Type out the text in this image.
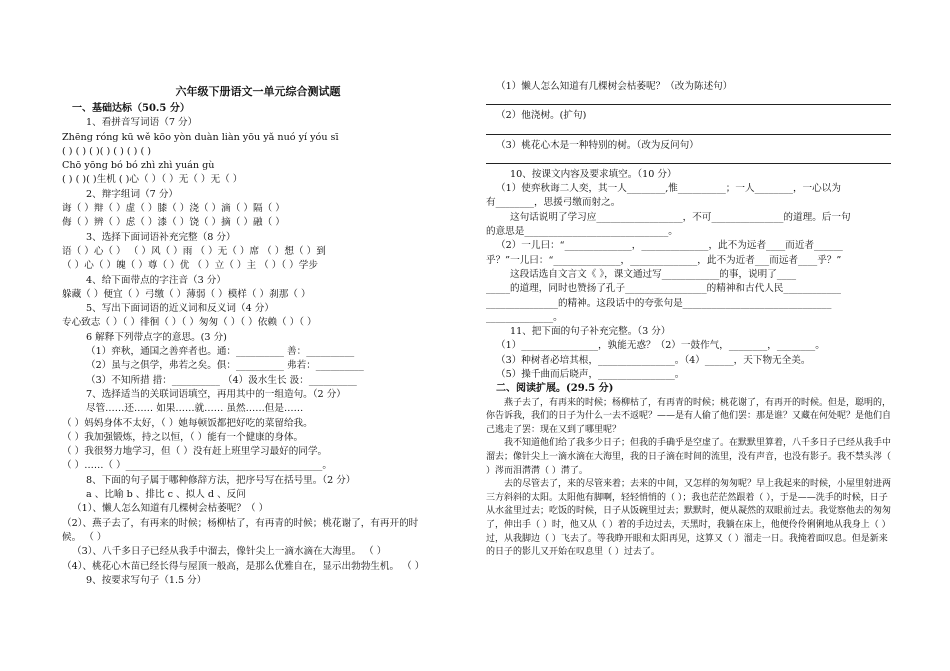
六年级下册语文一单元综合测试题
一、基础达标（50.5 分）
1、看拼音写词语（7 分）
Zhēng róng kū wě kōo yòn duàn liàn yōu yǎ nuó yí yóu sī
( ) ( ) ( )( ) ( ) ( ) ( )
Chō yōng bó bó zhì zhì yuán gù
( ) ( )( )生机 ( )心（ ）（ ）无（ ）无（ ）
2、辩字组词（7 分）
诲（ ）辩（ ）虚（ ）膝（ ）浇（ ）滴（ ）隔（ ）
侮（ ）辨（ ）虑（ ）漆（ ）饶（ ）摘（ ）融（ ）
3、选择下面词语补充完整（8 分）
语（ ）心（ ） （ ）风（ ）雨 （ ）无（ ）席 （ ）想（ ）到
（ ）心（ ）魄（ ）尊（ ）优 （ ）立（ ）主 （ ）（ ）学步
4、给下面带点的字注音（3 分）
躲藏（ ）便宜（ ）弓缴（ ）薄弱（ ）模样（ ）刹那（ ）
5、写出下面词语的近义词和反义词（4 分）
专心致志（ ）（ ）徘徊（ ）（ ）匆匆（ ）（ ）依赖（ ）（ ）
6 解释下列带点字的意思。(3 分)
（1）弈秋，通国之善弈者也。通：__________ 善：__________
（2）虽与之俱学，弗若之矣。俱：__________ 弗若：__________
（3）不知所措 措：__________ （4）汲水生长 汲：__________
7、选择适当的关联词语填空，再用其中的一组造句。（2 分）
尽管……还…… 如果……就…… 虽然……但是……
（ ）妈妈身体不太好，（ ）她每顿饭都把好吃的菜留给我。
（ ）我加强锻炼，持之以恒，（ ）能有一个健康的身体。
（ ）我很努力地学习，但（ ）没有赶上班里学习最好的同学。
（ ）……（ ）_________________________________________。
8、下面的句子属于哪种修辞方法，把序号写在括号里。（2 分）
a 、比喻 b 、排比 c 、拟人 d 、反问
（1）、懒人怎么知道有几棵树会枯萎呢？（ ）
（2）、燕子去了，有再来的时候；杨柳枯了，有再青的时候；桃花谢了，有再开的时
候。 （ ）
（3）、八千多日子已经从我手中溜去，像针尖上一滴水滴在大海里。 （ ）
（4）、桃花心木苗已经长得与屋顶一般高，是那么优雅自在，显示出勃勃生机。 （ ）
9、按要求写句子（1.5 分）
（1）懒人怎么知道有几棵树会枯萎呢？（改为陈述句）
（2）他浇树。(扩句)
（3）桃花心木是一种特别的树。（改为反问句）
10、按课文内容及要求填空。（10 分）
（1）使弈秋诲二人奕，其一人________,惟__________；一人________，一心以为
有________，思援弓缴而射之。
这句话说明了学习应__________________，不可_______________的道理。后一句
的意思是______________________________。
（2）一儿曰：“______________，______________，此不为远者____而近者______
乎？”一儿曰：“______________，______________，此不为近者___而远者____乎？”
这段话选自文言文《 》，课文通过写____________的事，说明了____
_____的道理，同时也赞扬了孔子_________________的精神和古代人民____________
_______________的精神。这段话中的夸张句是_______________________________
______________。
11、把下面的句子补充完整。（3 分）
（1）________________，孰能无惑？（2）一鼓作气，________，________。
（3）种树者必培其根，________________。（4）______，天下物无全美。
（5）操千曲而后晓声，________________。
二、阅读扩展。(29.5 分)
燕子去了，有再来的时候；杨柳枯了，有再青的时候；桃花谢了，有再开的时候。但是，聪明的，你告诉我，我们的日子为什么一去不返呢？——是有人偷了他们罢：那是谁？又藏在何处呢？是他们自己逃走了罢：现在又到了哪里呢？
我不知道他们给了我多少日子；但我的手确乎是空虚了。在默默里算着，八千多日子已经从我手中溜去；像针尖上一滴水滴在大海里，我的日子滴在时间的流里，没有声音，也没有影子。我不禁头涔（ ）涔而泪潸潸（ ）潸了。
去的尽管去了，来的尽管来着；去来的中间，又怎样的匆匆呢？早上我起来的时候，小屋里射进两三方斜斜的太阳。太阳他有脚啊，轻轻悄悄的（ ）；我也茫茫然跟着（ ），于是——洗手的时候，日子从水盆里过去；吃饭的时候，日子从饭碗里过去；默默时，便从凝然的双眼前过去。我觉察他去的匆匆了，伸出手（ ）时，他又从（ ）着的手边过去，天黑时，我躺在床上，他便伶伶俐俐地从我身上（ ）过，从我脚边（ ）飞去了。等我睁开眼和太阳再见，这算又（ ）溜走一日。我掩着面叹息。但是新来的日子的影儿又开始在叹息里（ ）过去了。
